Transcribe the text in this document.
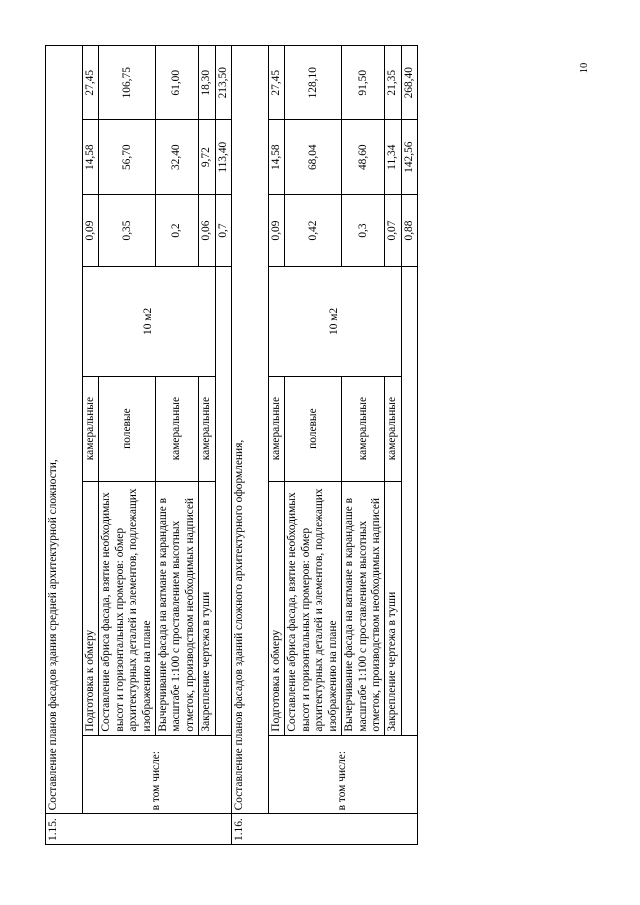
1.15.	Составление планов фасадов здания средней архитектурной сложности,						
	в том числе:	Подготовка к обмеру	камеральные	10 м2	0,09	14,58	27,45
		Составление абриса фасада, взятие необходимых высот и горизонтальных промеров: обмер архитектурных деталей и элементов, подлежащих изображению на плане	полевые		0,35	56,70	106,75
		Вычерчивание фасада на ватмане в карандаше в масштабе 1:100 с проставлением высотных отметок, производством необходимых надписей	камеральные		0,2	32,40	61,00
		Закрепление чертежа в туши	камеральные		0,06	9,72	18,30
					0,7	113,40	213,50
1.16.	Составление планов фасадов зданий сложного архитектурного оформления,						
	в том числе:	Подготовка к обмеру	камеральные	10 м2	0,09	14,58	27,45
		Составление абриса фасада, взятие необходимых высот и горизонтальных промеров: обмер архитектурных деталей и элементов, подлежащих изображению на плане	полевые		0,42	68,04	128,10
		Вычерчивание фасада на ватмане в карандаше в масштабе 1:100 с проставлением высотных отметок, производством необходимых надписей	камеральные		0,3	48,60	91,50
		Закрепление чертежа в туши	камеральные		0,07	11,34	21,35
					0,88	142,56	268,40	10
